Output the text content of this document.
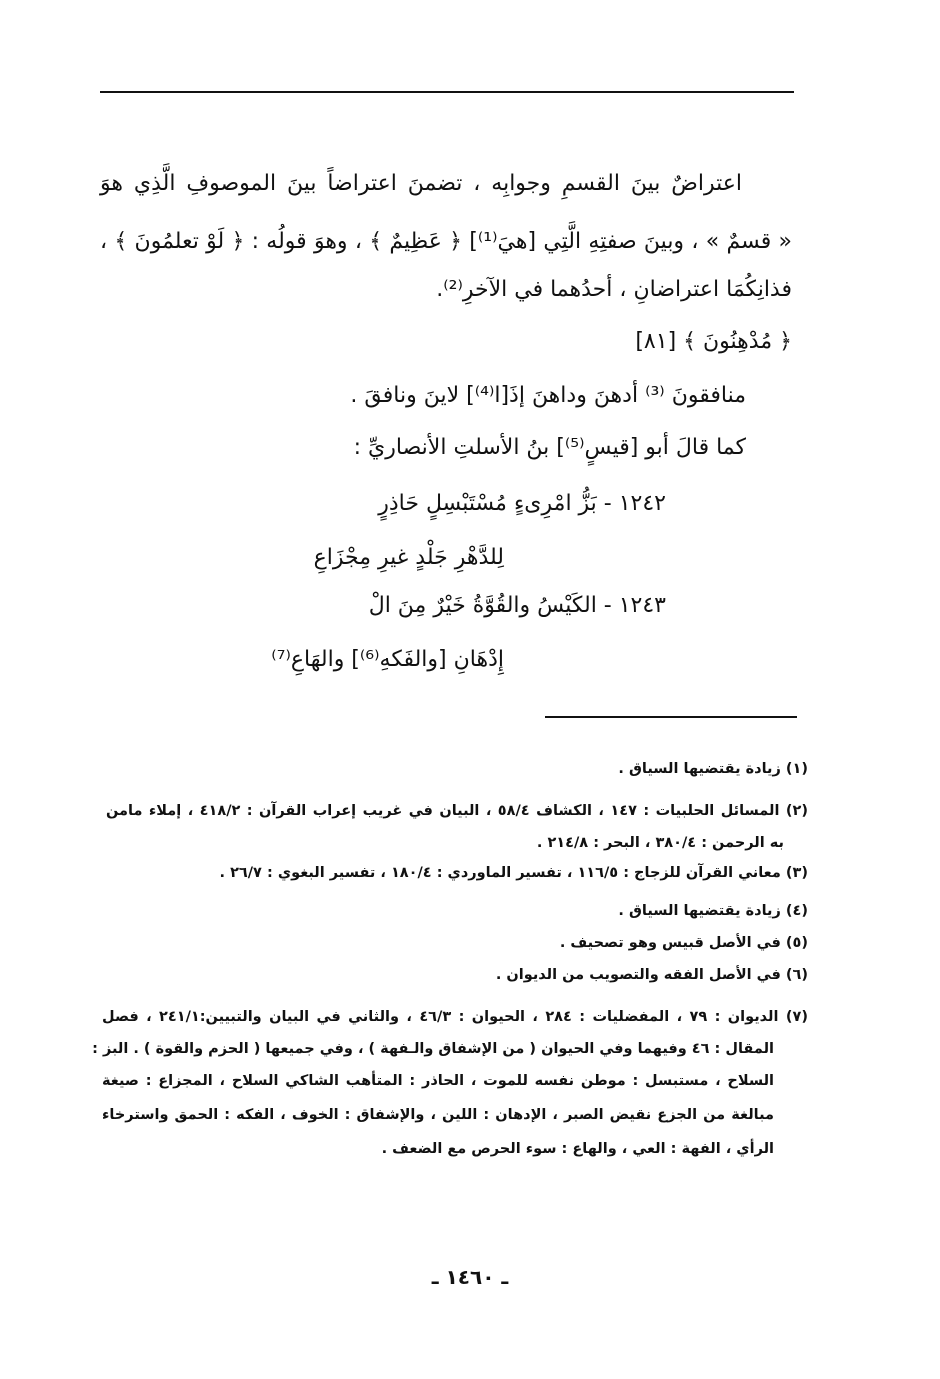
اعتراضٌ بينَ القسمِ وجوابِه ، تضمنَ اعتراضاً بينَ الموصوفِ الَّذِي هوَ
« قسمٌ » ، وبينَ صفتِهِ الَّتِي [هيَ⁽¹⁾] ﴿ عَظِيمٌ ﴾ ، وهوَ قولُه : ﴿ لَوْ تعلمُونَ ﴾ ،
فذانِكُمَا اعتراضانِ ، أحدُهما في الآخرِ⁽²⁾.
﴿ مُدْهِنُونَ ﴾ [٨١]
منافقونَ ⁽³⁾ أدهنَ وداهنَ إذَ[ا⁽⁴⁾] لاينَ ونافقَ .
كما قالَ أبو [قيسٍ⁽⁵⁾] بنُ الأسلتِ الأنصاريِّ :
١٢٤٢ - بَزُّ امْرِىءٍ مُسْتَبْسِلٍ حَاذِرٍ
لِلدَّهْرِ جَلْدٍ غيرِ مِجْزَاعِ
١٢٤٣ - الكَيْسُ والقُوَّةُ خَيْرٌ مِنَ الْ
إِدْهَانِ [والفَكهِ⁽⁶⁾] والهَاعِ⁽⁷⁾
(١) زيادة يقتضيها السياق .
(٢) المسائل الحلبيات : ١٤٧ ، الكشاف ٥٨/٤ ، البيان في غريب إعراب القرآن : ٤١٨/٢ ، إملاء مامن
به الرحمن : ٣٨٠/٤ ، البحر : ٢١٤/٨ .
(٣) معاني القرآن للزجاج : ١١٦/٥ ، تفسير الماوردي : ١٨٠/٤ ، تفسير البغوي : ٢٦/٧ .
(٤) زيادة يقتضيها السياق .
(٥) في الأصل قبيس وهو تصحيف .
(٦) في الأصل الفقه والتصويب من الديوان .
(٧) الديوان : ٧٩ ، المفضليات : ٢٨٤ ، الحيوان : ٤٦/٣ ، والثاني في البيان والتبيين:٢٤١/١ ، فصل
المقال : ٤٦ وفيهما وفي الحيوان ( من الإشفاق والـفهة ) ، وفي جميعها ( الحزم والقوة ) . البز :
السلاح ، مستبسل : موطن نفسه للموت ، الحاذر : المتأهب الشاكي السلاح ، المجزاع : صيغة
مبالغة من الجزع نقيض الصبر ، الإدهان : اللين ، والإشفاق : الخوف ، الفكه : الحمق واسترخاء
الرأي ، الفهة : العي ، والهاع : سوء الحرص مع الضعف .
ـ ١٤٦٠ ـ
